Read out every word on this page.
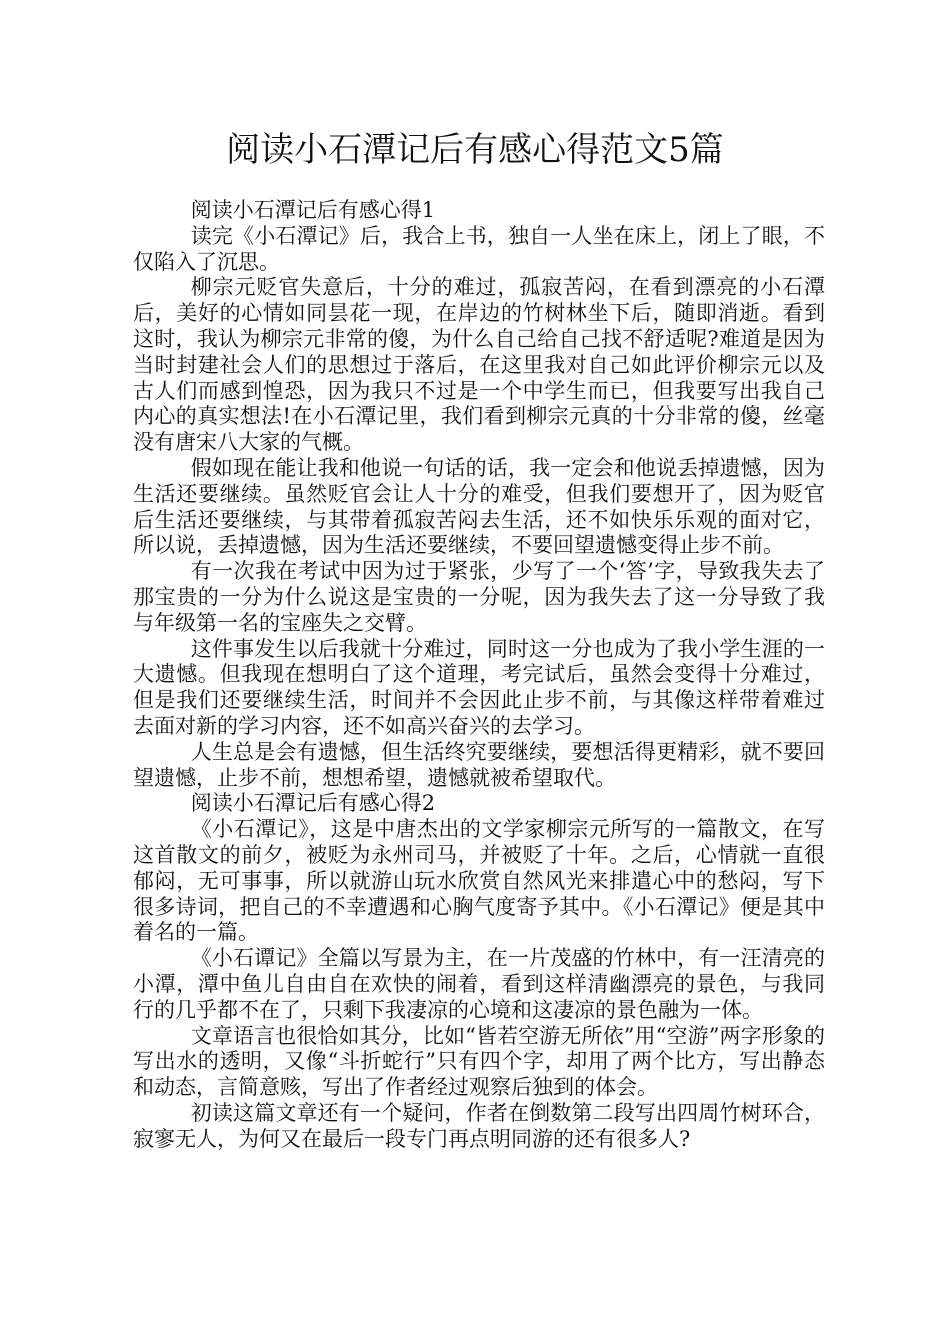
阅读小石潭记后有感心得范文5篇

阅读小石潭记后有感心得1

读完《小石潭记》后，我合上书，独自一人坐在床上，闭上了眼，不仅陷入了沉思。

柳宗元贬官失意后，十分的难过，孤寂苦闷，在看到漂亮的小石潭后，美好的心情如同昙花一现，在岸边的竹树林坐下后，随即消逝。看到这时，我认为柳宗元非常的傻，为什么自己给自己找不舒适呢?难道是因为当时封建社会人们的思想过于落后，在这里我对自己如此评价柳宗元以及古人们而感到惶恐，因为我只不过是一个中学生而已，但我要写出我自己内心的真实想法!在小石潭记里，我们看到柳宗元真的十分非常的傻，丝毫没有唐宋八大家的气概。

假如现在能让我和他说一句话的话，我一定会和他说丢掉遗憾，因为生活还要继续。虽然贬官会让人十分的难受，但我们要想开了，因为贬官后生活还要继续，与其带着孤寂苦闷去生活，还不如快乐乐观的面对它，所以说，丢掉遗憾，因为生活还要继续，不要回望遗憾变得止步不前。

有一次我在考试中因为过于紧张，少写了一个‘答’字，导致我失去了那宝贵的一分为什么说这是宝贵的一分呢，因为我失去了这一分导致了我与年级第一名的宝座失之交臂。

这件事发生以后我就十分难过，同时这一分也成为了我小学生涯的一大遗憾。但我现在想明白了这个道理，考完试后，虽然会变得十分难过，但是我们还要继续生活，时间并不会因此止步不前，与其像这样带着难过去面对新的学习内容，还不如高兴奋兴的去学习。

人生总是会有遗憾，但生活终究要继续，要想活得更精彩，就不要回望遗憾，止步不前，想想希望，遗憾就被希望取代。

阅读小石潭记后有感心得2

《小石潭记》，这是中唐杰出的文学家柳宗元所写的一篇散文，在写这首散文的前夕，被贬为永州司马，并被贬了十年。之后，心情就一直很郁闷，无可事事，所以就游山玩水欣赏自然风光来排遣心中的愁闷，写下很多诗词，把自己的不幸遭遇和心胸气度寄予其中。《小石潭记》便是其中着名的一篇。

《小石谭记》全篇以写景为主，在一片茂盛的竹林中，有一汪清亮的小潭，潭中鱼儿自由自在欢快的闹着，看到这样清幽漂亮的景色，与我同行的几乎都不在了，只剩下我凄凉的心境和这凄凉的景色融为一体。

文章语言也很恰如其分，比如“皆若空游无所依”用“空游”两字形象的写出水的透明，又像“斗折蛇行”只有四个字，却用了两个比方，写出静态和动态，言简意赅，写出了作者经过观察后独到的体会。

初读这篇文章还有一个疑问，作者在倒数第二段写出四周竹树环合，寂寥无人，为何又在最后一段专门再点明同游的还有很多人?
